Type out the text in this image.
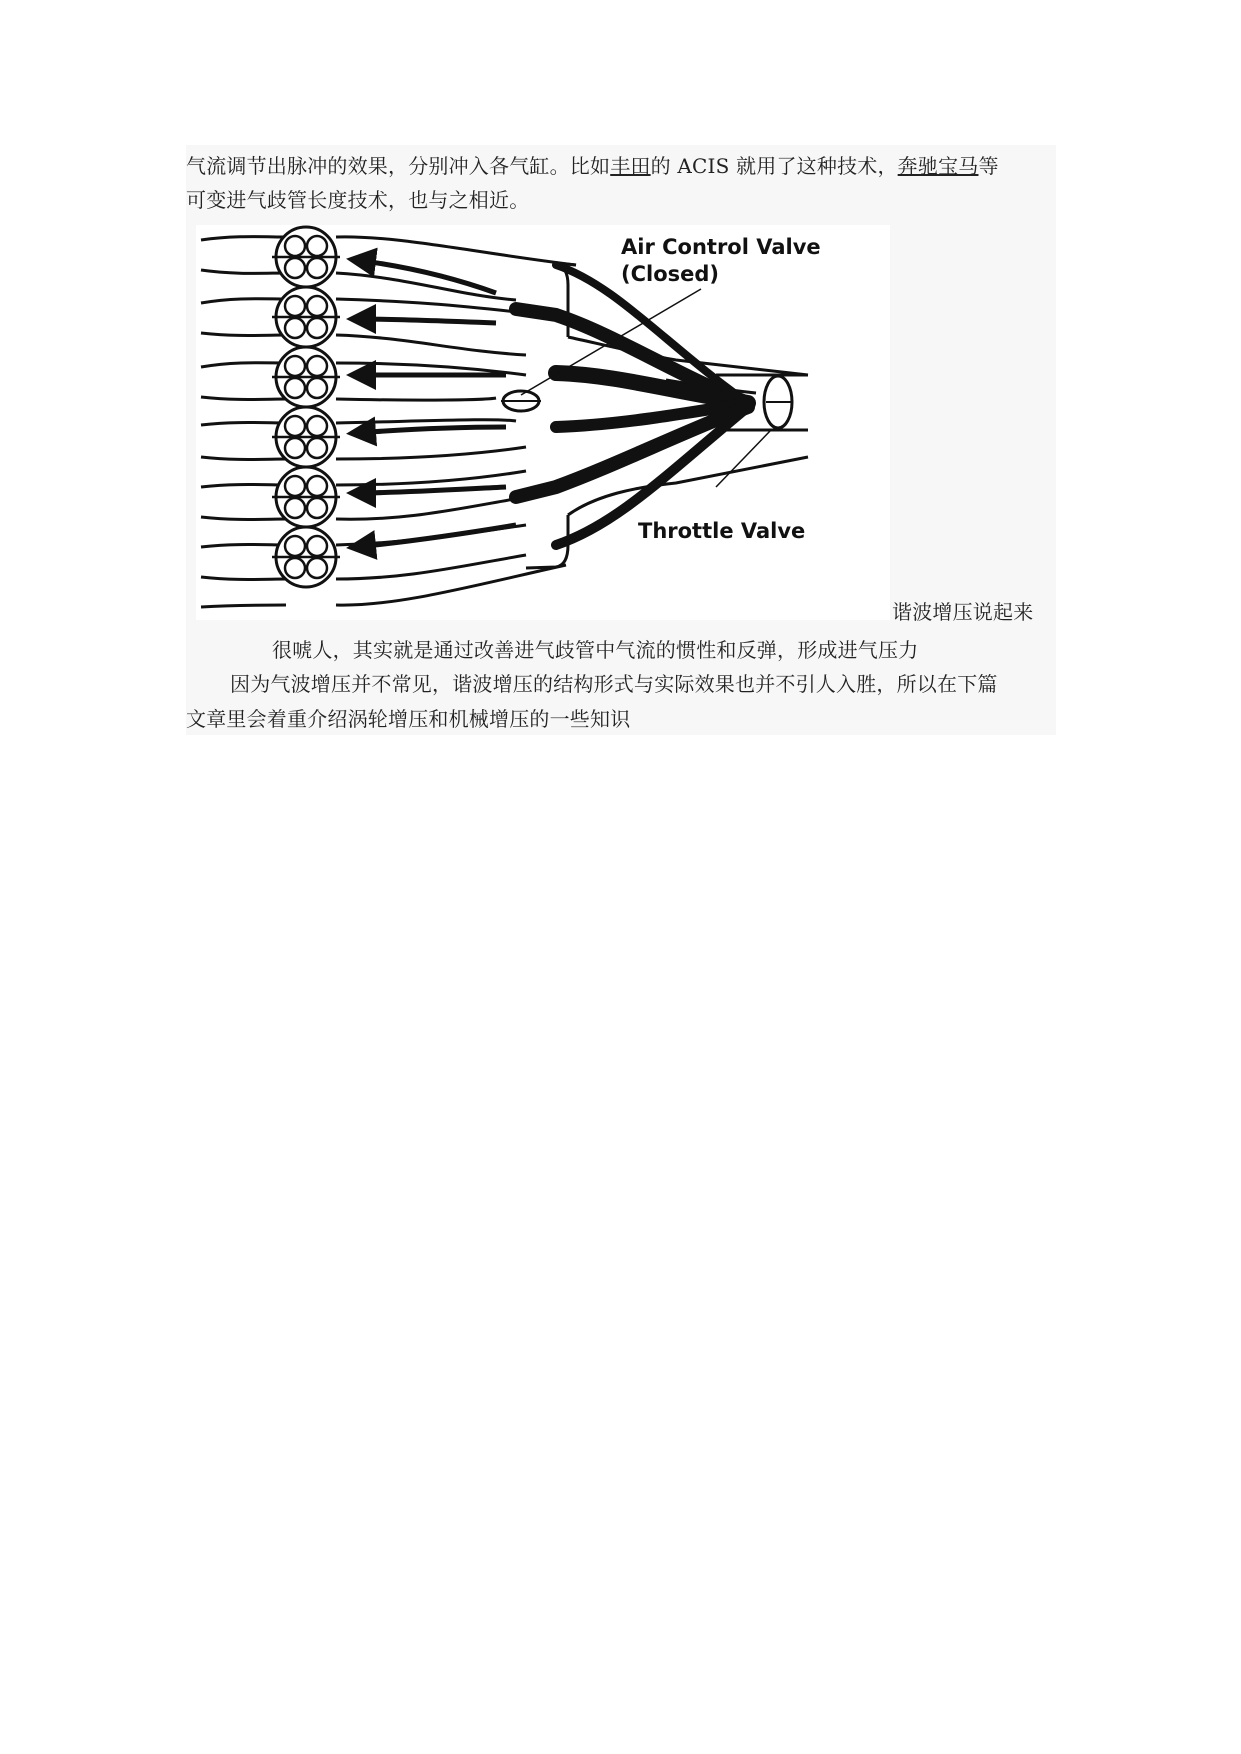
气流调节出脉冲的效果，分别冲入各气缸。比如丰田的 ACIS 就用了这种技术，奔驰宝马等
可变进气歧管长度技术，也与之相近。
Air Control Valve
(Closed)
Throttle Valve
谐波增压说起来
很唬人，其实就是通过改善进气歧管中气流的惯性和反弹，形成进气压力
因为气波增压并不常见，谐波增压的结构形式与实际效果也并不引人入胜，所以在下篇
文章里会着重介绍涡轮增压和机械增压的一些知识
